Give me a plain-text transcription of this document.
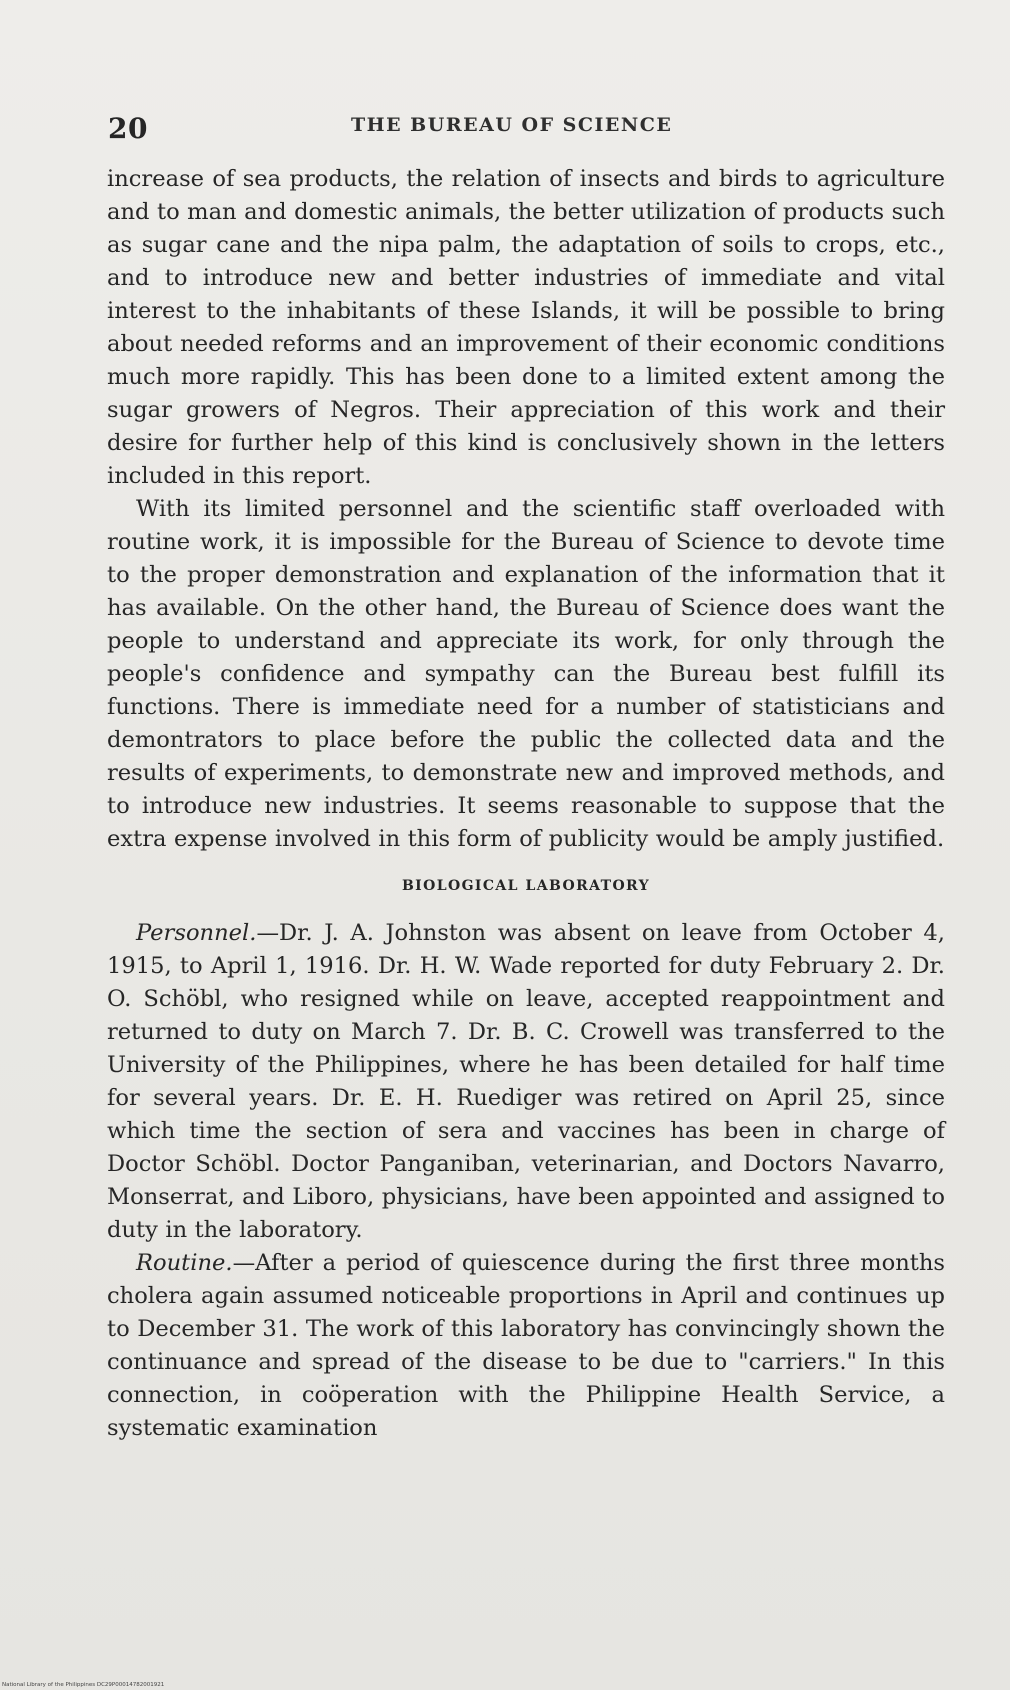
20	THE BUREAU OF SCIENCE

increase of sea products, the relation of insects and birds to agriculture and to man and domestic animals, the better utilization of products such as sugar cane and the nipa palm, the adaptation of soils to crops, etc., and to introduce new and better industries of immediate and vital interest to the inhabitants of these Islands, it will be possible to bring about needed reforms and an improvement of their economic conditions much more rapidly. This has been done to a limited extent among the sugar growers of Negros. Their appreciation of this work and their desire for further help of this kind is conclusively shown in the letters included in this report.

With its limited personnel and the scientific staff overloaded with routine work, it is impossible for the Bureau of Science to devote time to the proper demonstration and explanation of the information that it has available. On the other hand, the Bureau of Science does want the people to understand and appreciate its work, for only through the people's confidence and sympathy can the Bureau best fulfill its functions. There is immediate need for a number of statisticians and demontrators to place before the public the collected data and the results of experiments, to demonstrate new and improved methods, and to introduce new industries. It seems reasonable to suppose that the extra expense involved in this form of publicity would be amply justified.

BIOLOGICAL LABORATORY

Personnel.—Dr. J. A. Johnston was absent on leave from October 4, 1915, to April 1, 1916. Dr. H. W. Wade reported for duty February 2. Dr. O. Schöbl, who resigned while on leave, accepted reappointment and returned to duty on March 7. Dr. B. C. Crowell was transferred to the University of the Philippines, where he has been detailed for half time for several years. Dr. E. H. Ruediger was retired on April 25, since which time the section of sera and vaccines has been in charge of Doctor Schöbl. Doctor Panganiban, veterinarian, and Doctors Navarro, Monserrat, and Liboro, physicians, have been appointed and assigned to duty in the laboratory.

Routine.—After a period of quiescence during the first three months cholera again assumed noticeable proportions in April and continues up to December 31. The work of this laboratory has convincingly shown the continuance and spread of the disease to be due to "carriers." In this connection, in coöperation with the Philippine Health Service, a systematic examination

National Library of the Philippines DC29P00014782001921
